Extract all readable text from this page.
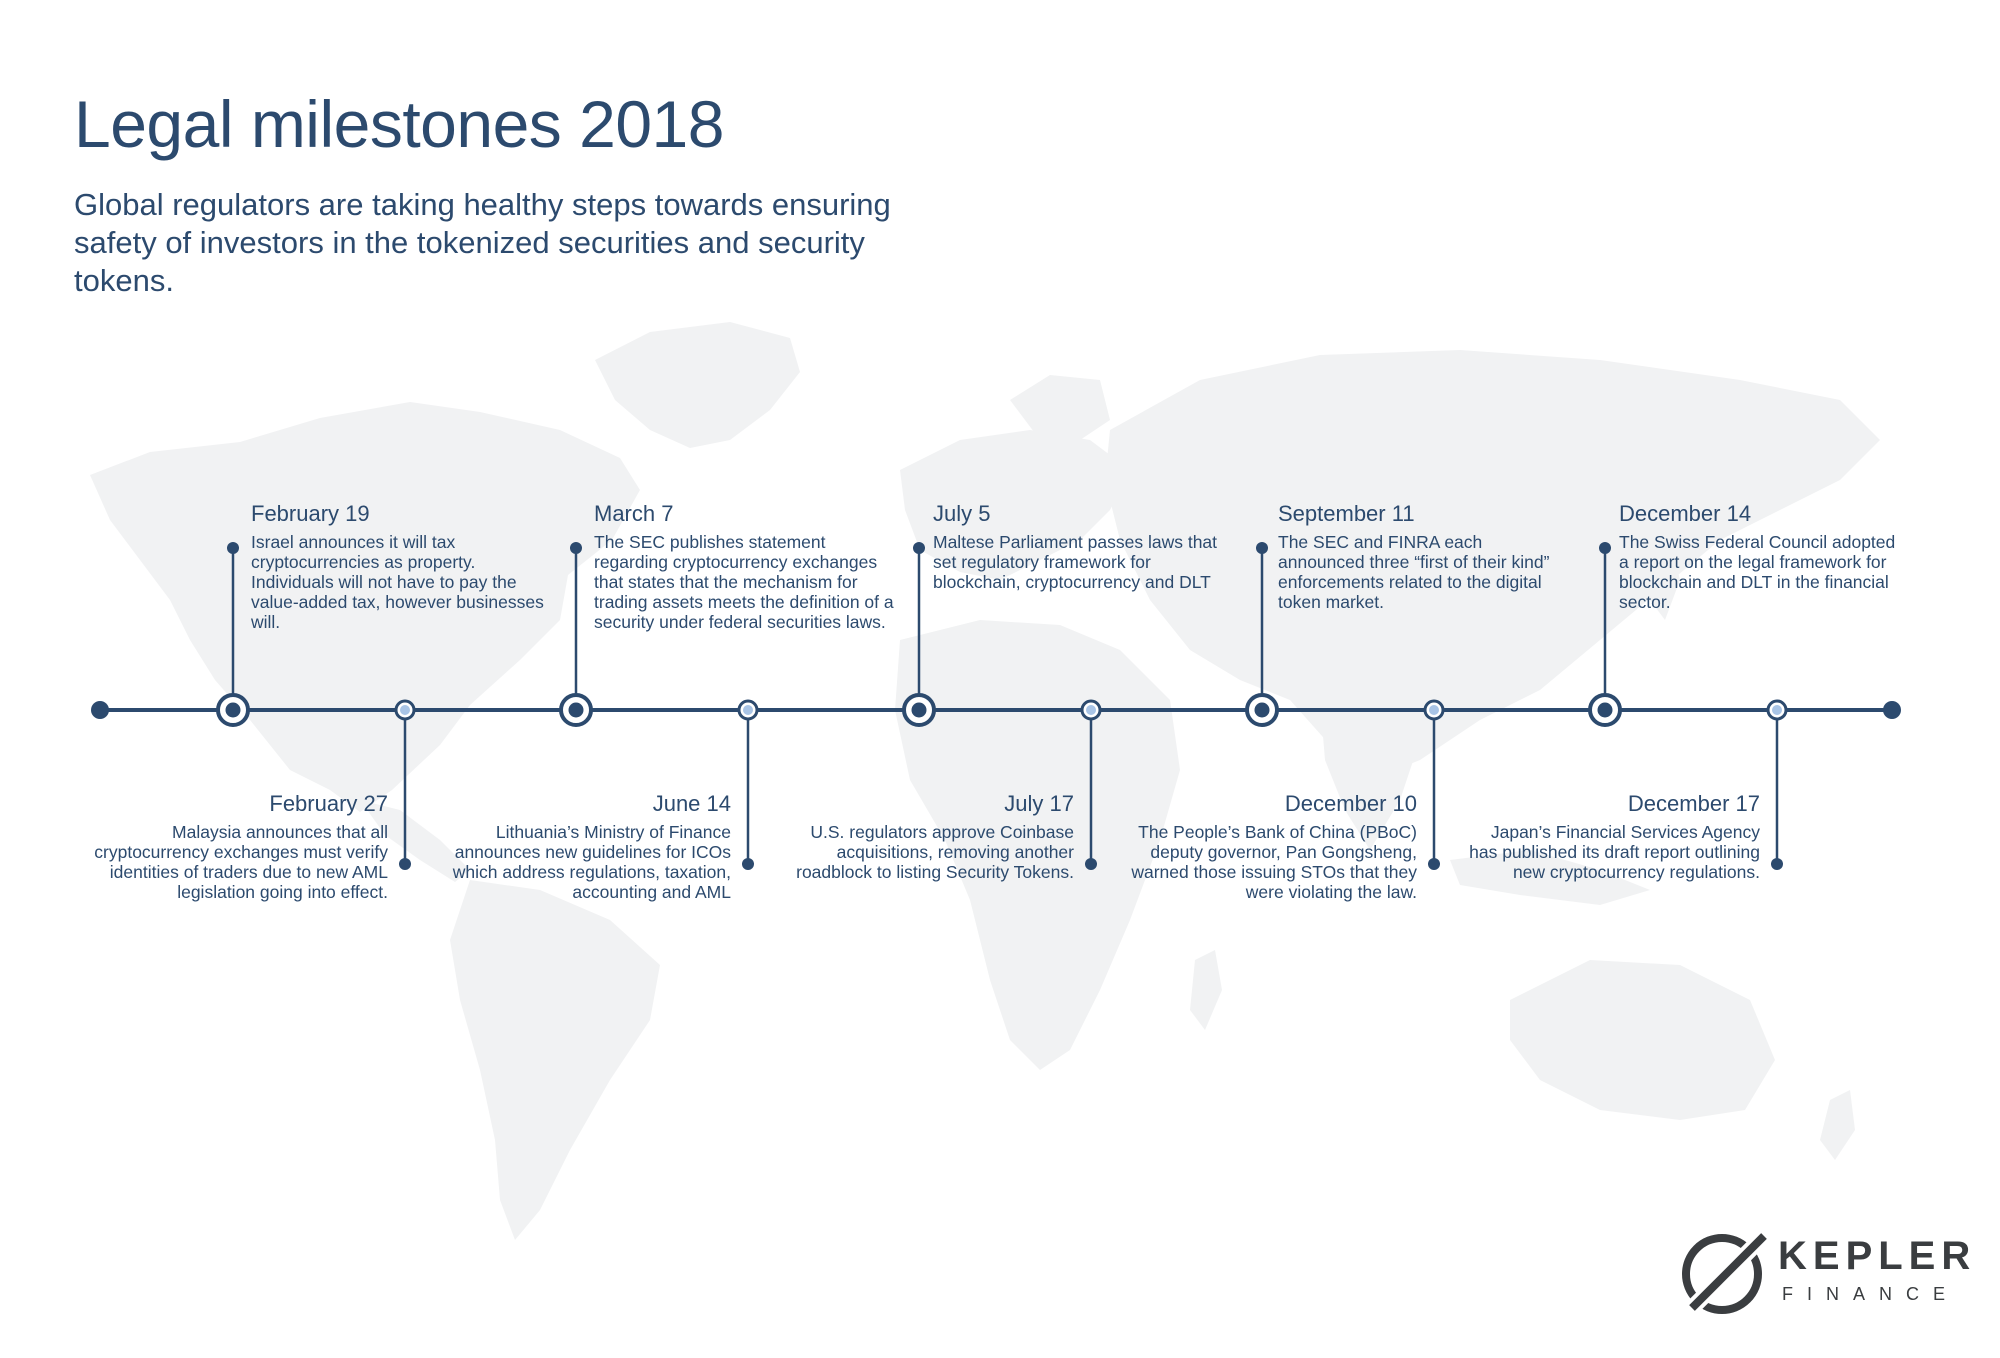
Legal milestones 2018

Global regulators are taking healthy steps towards ensuring safety of investors in the tokenized securities and security tokens.

February 19
Israel announces it will tax cryptocurrencies as property. Individuals will not have to pay the value-added tax, however businesses will.
March 7
The SEC publishes statement regarding cryptocurrency exchanges that states that the mechanism for trading assets meets the definition of a security under federal securities laws.
July 5
Maltese Parliament passes laws that set regulatory framework for blockchain, cryptocurrency and DLT
September 11
The SEC and FINRA each announced three “first of their kind” enforcements related to the digital token market.
December 14
The Swiss Federal Council adopted a report on the legal framework for blockchain and DLT in the financial sector.
February 27
Malaysia announces that all cryptocurrency exchanges must verify identities of traders due to new AML legislation going into effect.
June 14
Lithuania’s Ministry of Finance announces new guidelines for ICOs which address regulations, taxation, accounting and AML
July 17
U.S. regulators approve Coinbase acquisitions, removing another roadblock to listing Security Tokens.
December 10
The People’s Bank of China (PBoC) deputy governor, Pan Gongsheng, warned those issuing STOs that they were violating the law.
December 17
Japan’s Financial Services Agency has published its draft report outlining new cryptocurrency regulations.
KEPLER
FINANCE
